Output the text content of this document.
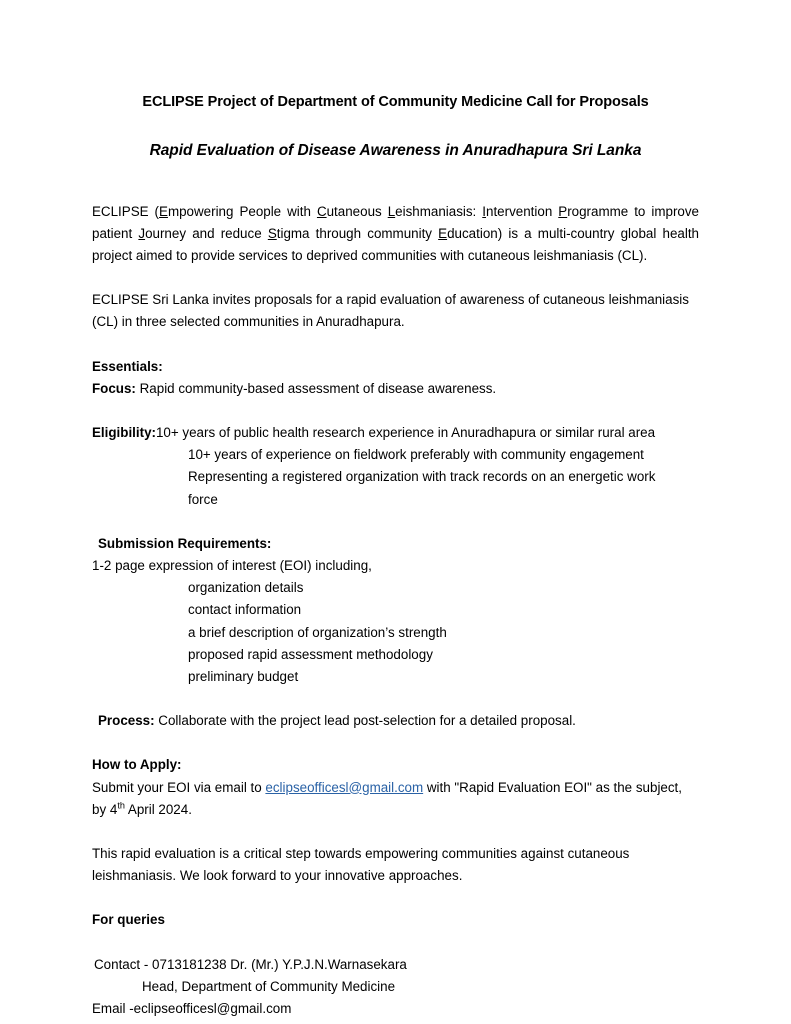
ECLIPSE Project of Department of Community Medicine Call for Proposals
Rapid Evaluation of Disease Awareness in Anuradhapura Sri Lanka

ECLIPSE (Empowering People with Cutaneous Leishmaniasis: Intervention Programme to improve patient Journey and reduce Stigma through community Education) is a multi-country global health project aimed to provide services to deprived communities with cutaneous leishmaniasis (CL).

ECLIPSE Sri Lanka invites proposals for a rapid evaluation of awareness of cutaneous leishmaniasis (CL) in three selected communities in Anuradhapura.

Essentials:

Focus: Rapid community-based assessment of disease awareness.

Eligibility:10+ years of public health research experience in Anuradhapura or similar rural area

10+ years of experience on fieldwork preferably with community engagement

Representing a registered organization with track records on an energetic work

force

Submission Requirements:

1-2 page expression of interest (EOI) including,

organization details

contact information

a brief description of organization’s strength

proposed rapid assessment methodology

preliminary budget

Process: Collaborate with the project lead post-selection for a detailed proposal.

How to Apply:

Submit your EOI via email to eclipseofficesl@gmail.com with "Rapid Evaluation EOI" as the subject, by 4th April 2024.

This rapid evaluation is a critical step towards empowering communities against cutaneous leishmaniasis. We look forward to your innovative approaches.

For queries

Contact - 0713181238 Dr. (Mr.) Y.P.J.N.Warnasekara

Head, Department of Community Medicine

Email -eclipseofficesl@gmail.com
